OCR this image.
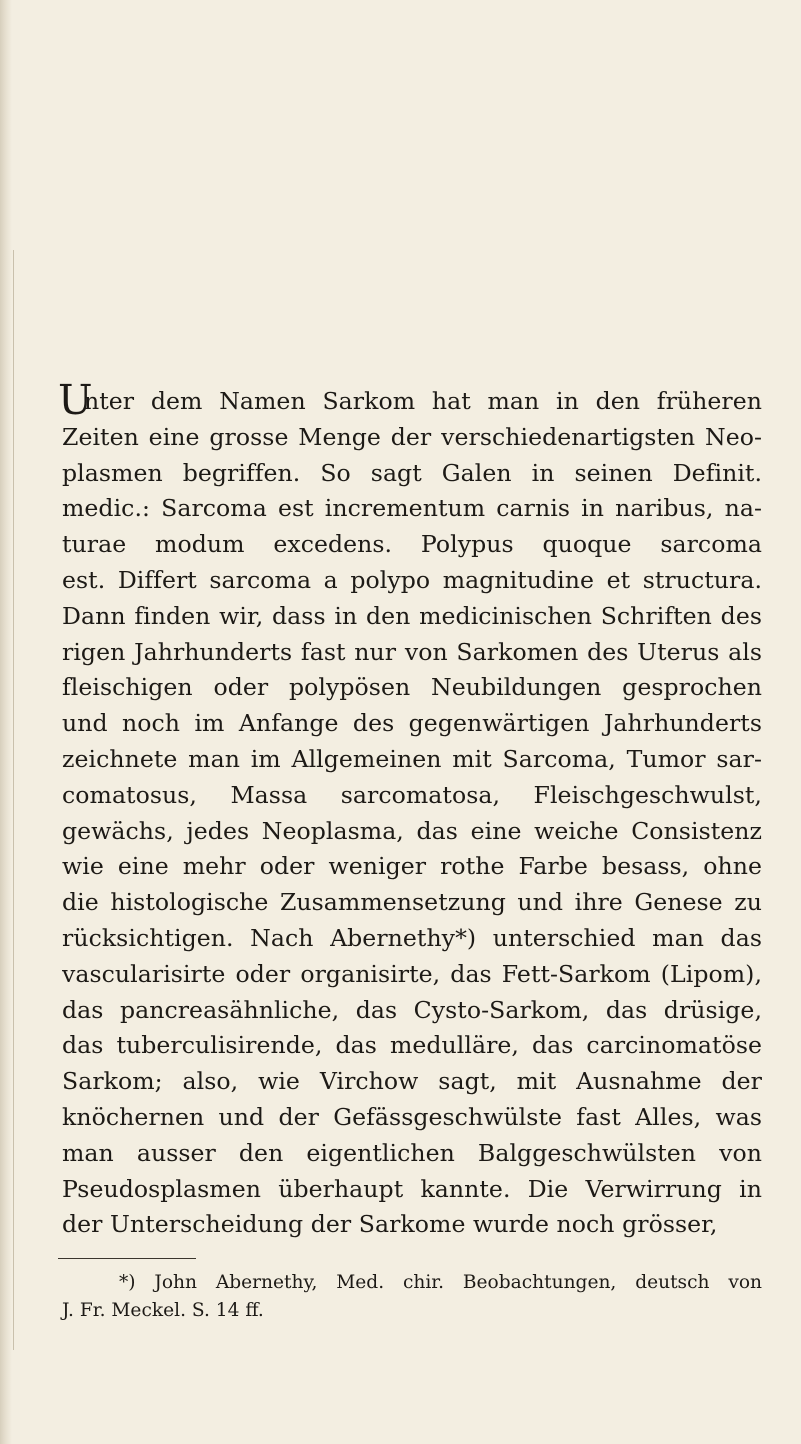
U
nter dem Namen Sarkom hat man in den früheren
Zeiten eine grosse Menge der verschiedenartigsten Neo-
plasmen begriffen. So sagt Galen in seinen Definit.
medic.: Sarcoma est incrementum carnis in naribus, na-
turae modum excedens. Polypus quoque sarcoma
est. Differt sarcoma a polypo magnitudine et structura.
Dann finden wir, dass in den medicinischen Schriften des
rigen Jahrhunderts fast nur von Sarkomen des Uterus als
fleischigen oder polypösen Neubildungen gesprochen
und noch im Anfange des gegenwärtigen Jahrhunderts
zeichnete man im Allgemeinen mit Sarcoma, Tumor sar-
comatosus, Massa sarcomatosa, Fleischgeschwulst,
gewächs, jedes Neoplasma, das eine weiche Consistenz
wie eine mehr oder weniger rothe Farbe besass, ohne
die histologische Zusammensetzung und ihre Genese zu
rücksichtigen. Nach Abernethy*) unterschied man das
vascularisirte oder organisirte, das Fett-Sarkom (Lipom),
das pancreasähnliche, das Cysto-Sarkom, das drüsige,
das tuberculisirende, das medulläre, das carcinomatöse
Sarkom; also, wie Virchow sagt, mit Ausnahme der
knöchernen und der Gefässgeschwülste fast Alles, was
man ausser den eigentlichen Balggeschwülsten von
Pseudosplasmen überhaupt kannte. Die Verwirrung in
der Unterscheidung der Sarkome wurde noch grösser,
*) John Abernethy, Med. chir. Beobachtungen, deutsch von
J. Fr. Meckel. S. 14 ff.
